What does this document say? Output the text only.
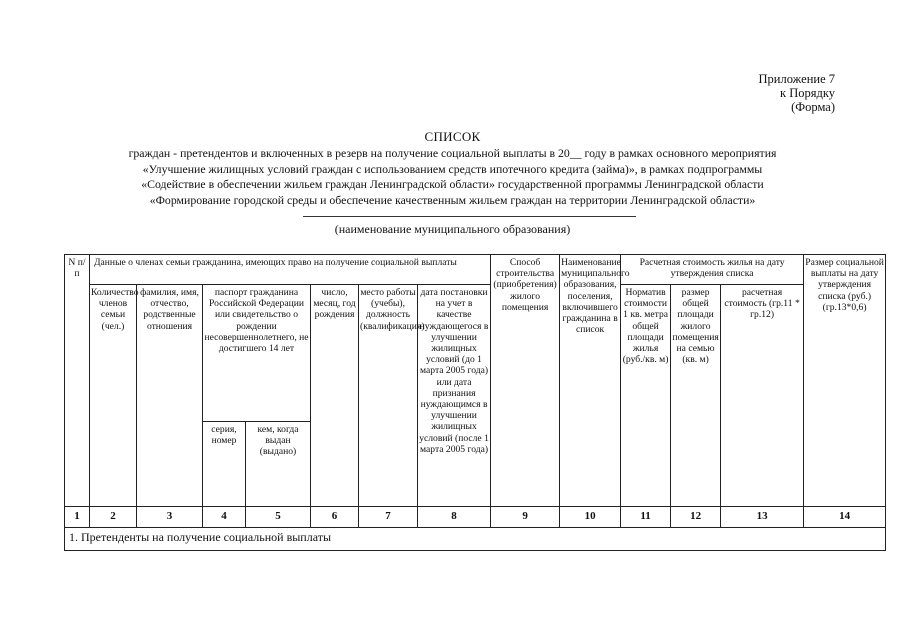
Приложение 7
к Порядку
(Форма)
СПИСОК
граждан - претендентов и включенных в резерв на получение социальной выплаты в 20__ году в рамках основного мероприятия
«Улучшение жилищных условий граждан с использованием средств ипотечного кредита (займа)», в рамках подпрограммы
«Содействие в обеспечении жильем граждан Ленинградской области» государственной программы Ленинградской области
«Формирование городской среды и обеспечение качественным жильем граждан на территории Ленинградской области»
(наименование муниципального образования)
N п/п	Данные о членах семьи гражданина, имеющих право на получение социальной выплаты							Способ строительства (приобретения) жилого помещения	Наименование муниципального образования, поселения, включившего гражданина в список	Расчетная стоимость жилья на дату утверждения списка			Размер социальной выплаты на дату утверждения списка (руб.) (гр.13*0,6)
	Количество членов семьи (чел.)	фамилия, имя, отчество, родственные отношения	паспорт гражданина Российской Федерации или свидетельство о рождении несовершеннолетнего, не достигшего 14 лет		число, месяц, год рождения	место работы (учебы), должность (квалификация)	дата постановки на учет в качестве нуждающегося в улучшении жилищных условий (до 1 марта 2005 года) или дата признания нуждающимся в улучшении жилищных условий (после 1 марта 2005 года)			Норматив стоимости 1 кв. метра общей площади жилья (руб./кв. м)	размер общей площади жилого помещения на семью (кв. м)	расчетная стоимость (гр.11 * гр.12)	
			серия, номер	кем, когда выдан (выдано)									
1	2	3	4	5	6	7	8	9	10	11	12	13	14
1. Претенденты на получение социальной выплаты													
